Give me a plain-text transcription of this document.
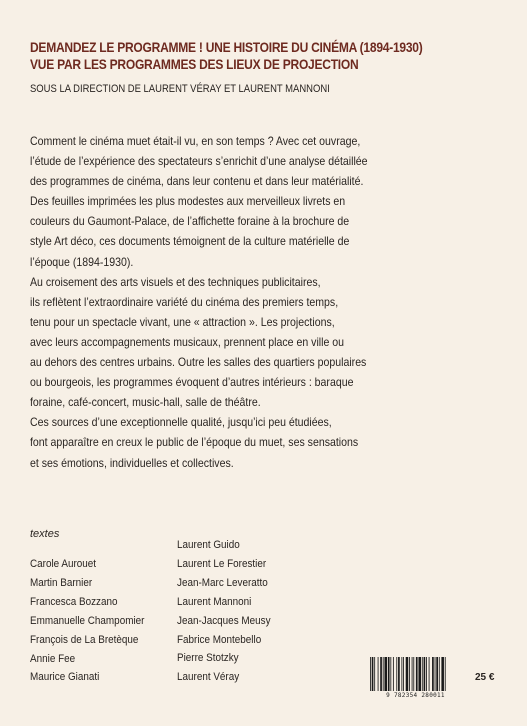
DEMANDEZ LE PROGRAMME ! UNE HISTOIRE DU CINÉMA (1894-1930)
VUE PAR LES PROGRAMMES DES LIEUX DE PROJECTION
SOUS LA DIRECTION DE LAURENT VÉRAY ET LAURENT MANNONI

Comment le cinéma muet était-il vu, en son temps ? Avec cet ouvrage,

l’étude de l’expérience des spectateurs s’enrichit d’une analyse détaillée

des programmes de cinéma, dans leur contenu et dans leur matérialité.

Des feuilles imprimées les plus modestes aux merveilleux livrets en

couleurs du Gaumont-Palace, de l’affichette foraine à la brochure de

style Art déco, ces documents témoignent de la culture matérielle de

l’époque (1894-1930).

Au croisement des arts visuels et des techniques publicitaires,

ils reflètent l’extraordinaire variété du cinéma des premiers temps,

tenu pour un spectacle vivant, une « attraction ». Les projections,

avec leurs accompagnements musicaux, prennent place en ville ou

au dehors des centres urbains. Outre les salles des quartiers populaires

ou bourgeois, les programmes évoquent d’autres intérieurs : baraque

foraine, café-concert, music-hall, salle de théâtre.

Ces sources d’une exceptionnelle qualité, jusqu’ici peu étudiées,

font apparaître en creux le public de l’époque du muet, ses sensations

et ses émotions, individuelles et collectives.

textes
Carole Aurouet
Martin Barnier
Francesca Bozzano
Emmanuelle Champomier
François de La Bretèque
Annie Fee
Maurice Gianati
Laurent Guido
Laurent Le Forestier
Jean-Marc Leveratto
Laurent Mannoni
Jean-Jacques Meusy
Fabrice Montebello
Pierre Stotzky
Laurent Véray
9 782354 280011
25 €
